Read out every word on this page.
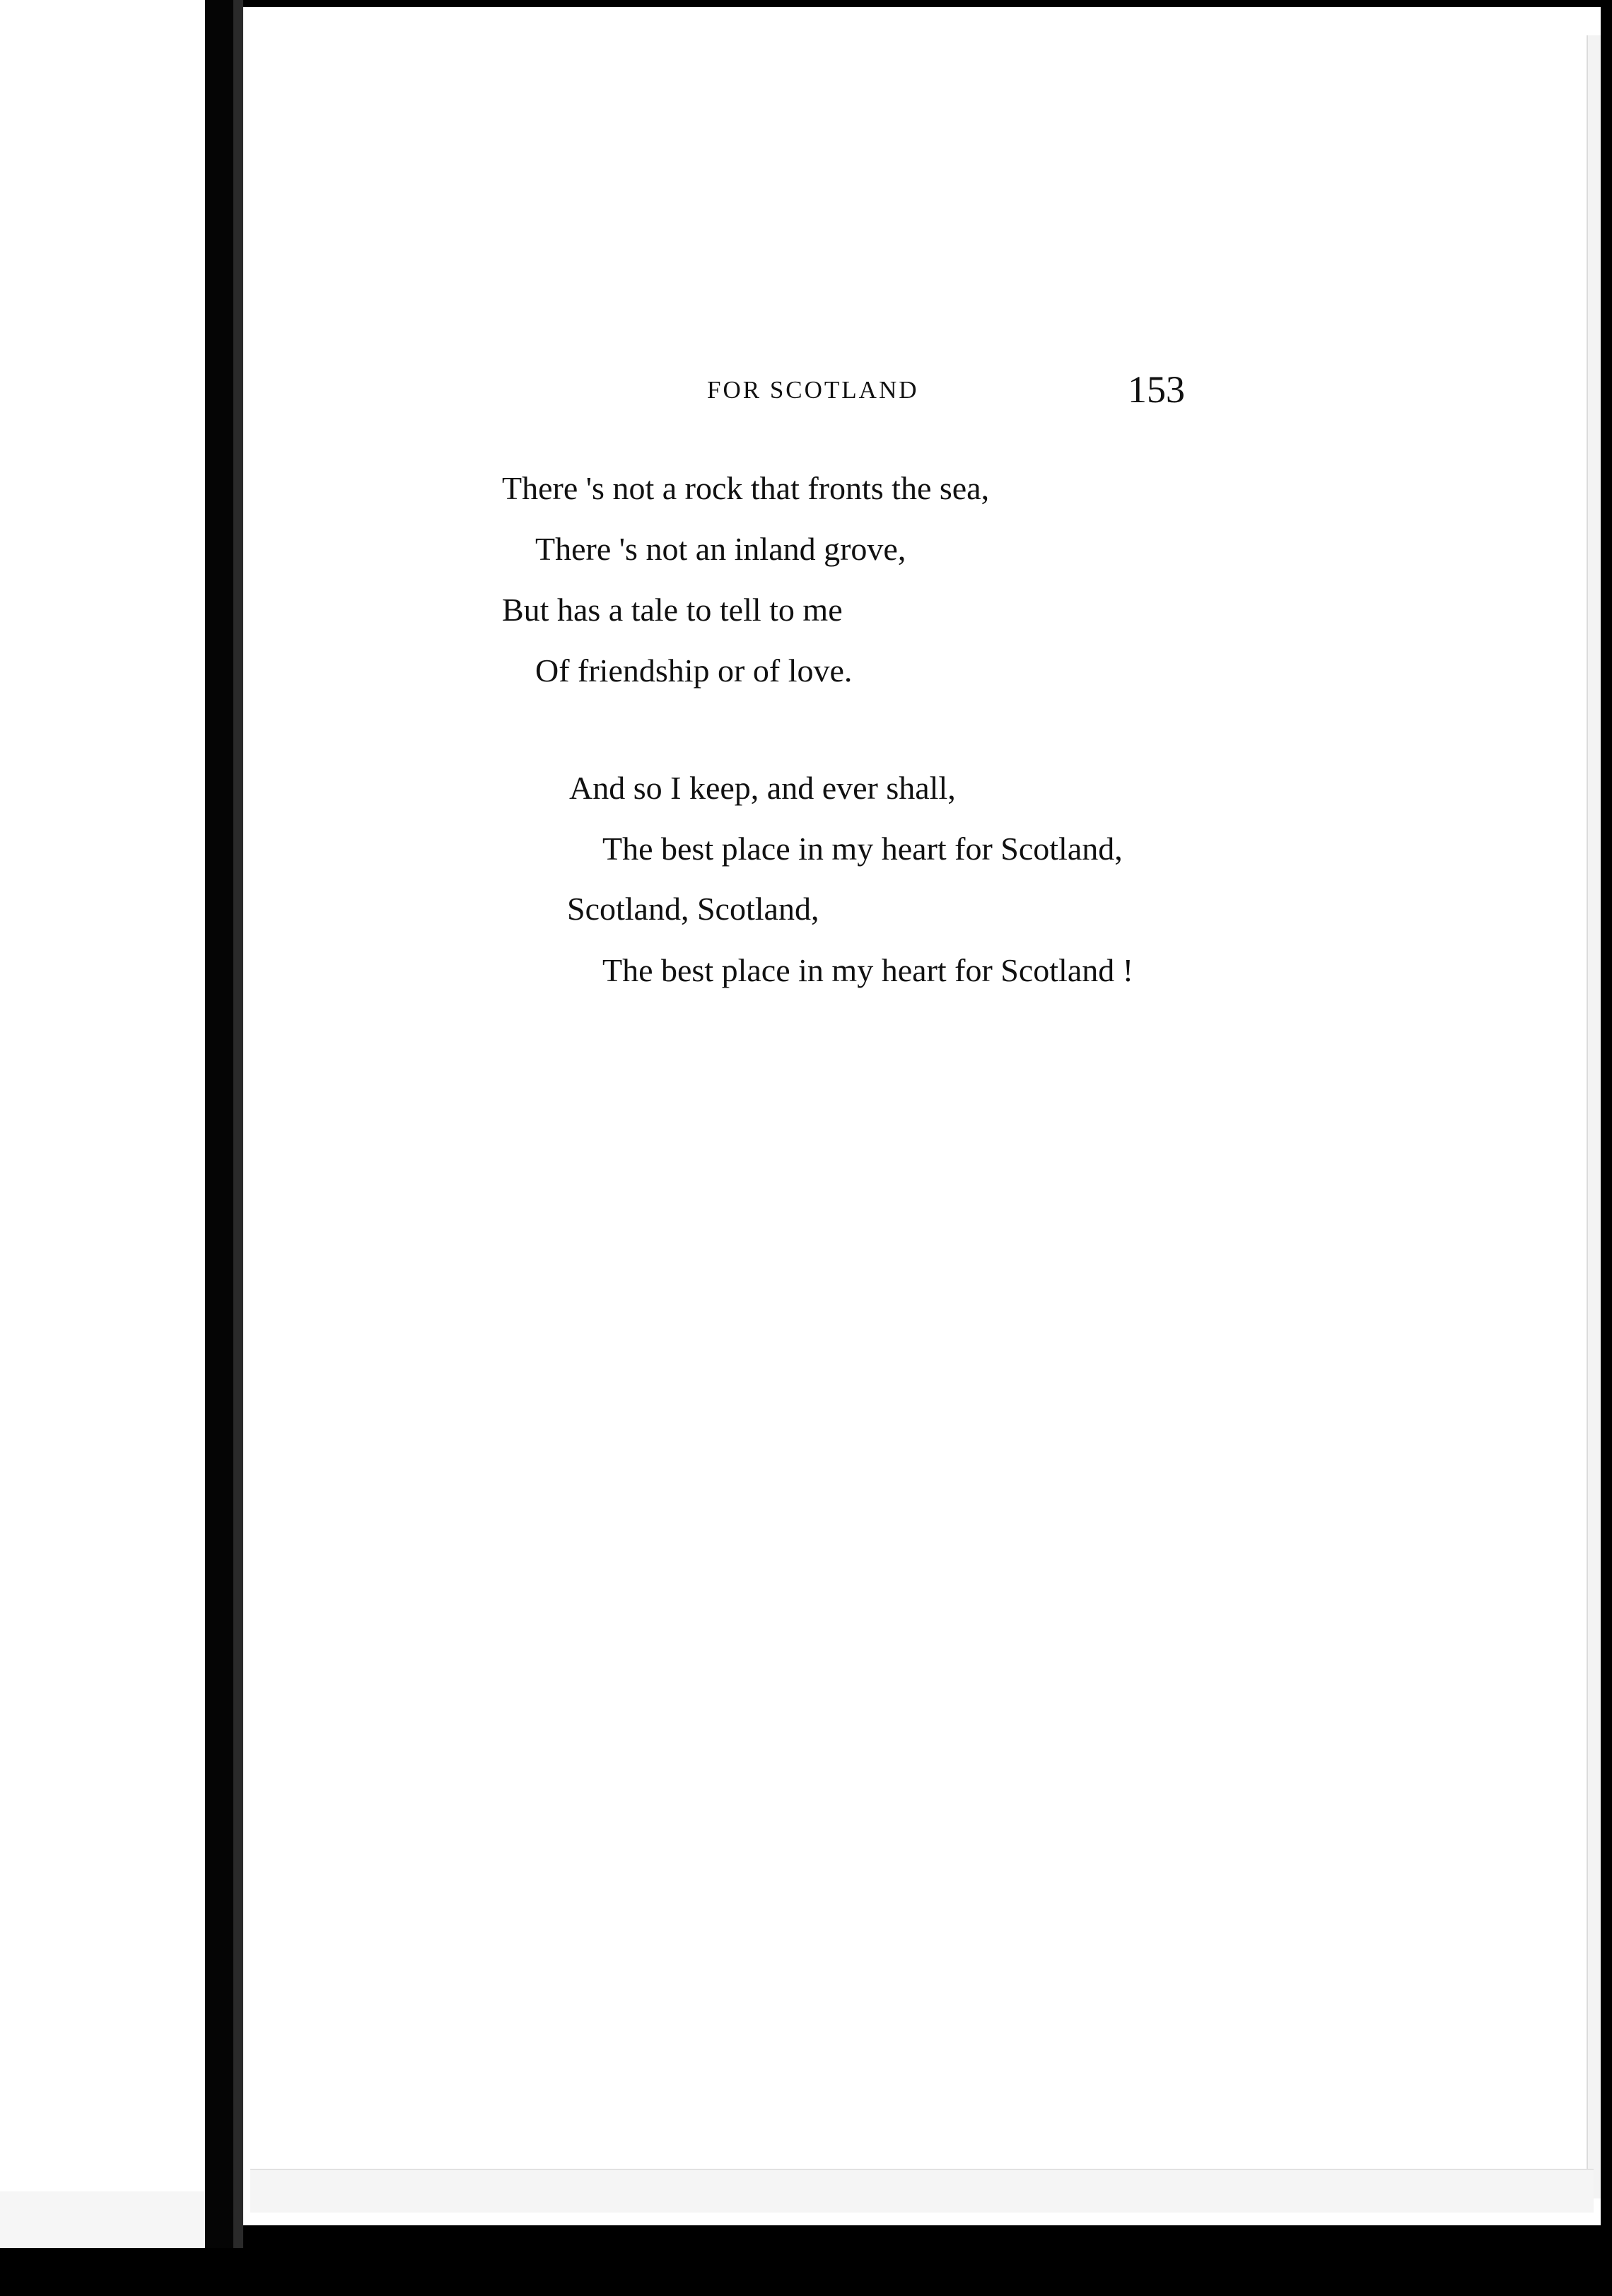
FOR SCOTLAND	153
There 's not a rock that fronts the sea,
There 's not an inland grove,
But has a tale to tell to me
Of friendship or of love.
And so I keep, and ever shall,
The best place in my heart for Scotland,
Scotland, Scotland,
The best place in my heart for Scotland !
